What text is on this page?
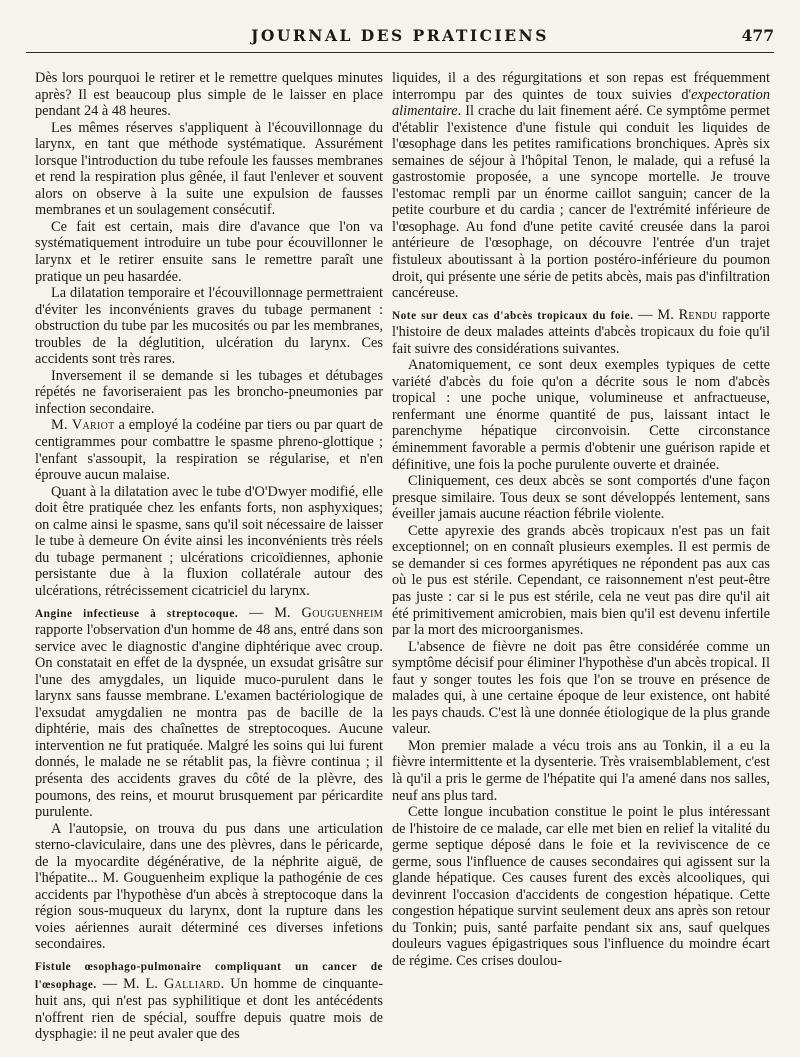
JOURNAL DES PRATICIENS	477

Dès lors pourquoi le retirer et le remettre quelques minutes après? Il est beaucoup plus simple de le laisser en place pendant 24 à 48 heures.

Les mêmes réserves s'appliquent à l'écouvillonnage du larynx, en tant que méthode systématique. Assurément lorsque l'introduction du tube refoule les fausses membranes et rend la respiration plus gênée, il faut l'enlever et souvent alors on observe à la suite une expulsion de fausses membranes et un soulagement consécutif.

Ce fait est certain, mais dire d'avance que l'on va systématiquement introduire un tube pour écouvillonner le larynx et le retirer ensuite sans le remettre paraît une pratique un peu hasardée.

La dilatation temporaire et l'écouvillonnage permettraient d'éviter les inconvénients graves du tubage permanent : obstruction du tube par les mucosités ou par les membranes, troubles de la déglutition, ulcération du larynx. Ces accidents sont très rares.

Inversement il se demande si les tubages et détubages répétés ne favoriseraient pas les broncho-pneumonies par infection secondaire.

M. Variot a employé la codéine par tiers ou par quart de centigrammes pour combattre le spasme phreno-glottique ; l'enfant s'assoupit, la respiration se régularise, et n'en éprouve aucun malaise.

Quant à la dilatation avec le tube d'O'Dwyer modifié, elle doit être pratiquée chez les enfants forts, non asphyxiques; on calme ainsi le spasme, sans qu'il soit nécessaire de laisser le tube à demeure On évite ainsi les inconvénients très réels du tubage permanent ; ulcérations cricoïdiennes, aphonie persistante due à la fluxion collatérale autour des ulcérations, rétrécissement cicatriciel du larynx.

Angine infectieuse à streptocoque. — M. Gouguenheim rapporte l'observation d'un homme de 48 ans, entré dans son service avec le diagnostic d'angine diphtérique avec croup. On constatait en effet de la dyspnée, un exsudat grisâtre sur l'une des amygdales, un liquide muco-purulent dans le larynx sans fausse membrane. L'examen bactériologique de l'exsudat amygdalien ne montra pas de bacille de la diphtérie, mais des chaînettes de streptocoques. Aucune intervention ne fut pratiquée. Malgré les soins qui lui furent donnés, le malade ne se rétablit pas, la fièvre continua ; il présenta des accidents graves du côté de la plèvre, des poumons, des reins, et mourut brusquement par péricardite purulente.

A l'autopsie, on trouva du pus dans une articulation sterno-claviculaire, dans une des plèvres, dans le péricarde, de la myocardite dégénérative, de la néphrite aiguë, de l'hépatite... M. Gouguenheim explique la pathogénie de ces accidents par l'hypothèse d'un abcès à streptocoque dans la région sous-muqueux du larynx, dont la rupture dans les voies aériennes aurait déterminé ces diverses infetions secondaires.

Fistule œsophago-pulmonaire compliquant un cancer de l'œsophage. — M. L. Galliard. Un homme de cinquante-huit ans, qui n'est pas syphilitique et dont les antécédents n'offrent rien de spécial, souffre depuis quatre mois de dysphagie: il ne peut avaler que des

liquides, il a des régurgitations et son repas est fréquemment interrompu par des quintes de toux suivies d'expectoration alimentaire. Il crache du lait finement aéré. Ce symptôme permet d'établir l'existence d'une fistule qui conduit les liquides de l'œsophage dans les petites ramifications bronchiques. Après six semaines de séjour à l'hôpital Tenon, le malade, qui a refusé la gastrostomie proposée, a une syncope mortelle. Je trouve l'estomac rempli par un énorme caillot sanguin; cancer de la petite courbure et du cardia ; cancer de l'extrémité inférieure de l'œsophage. Au fond d'une petite cavité creusée dans la paroi antérieure de l'œsophage, on découvre l'entrée d'un trajet fistuleux aboutissant à la portion postéro-inférieure du poumon droit, qui présente une série de petits abcès, mais pas d'infiltration cancéreuse.

Note sur deux cas d'abcès tropicaux du foie. — M. Rendu rapporte l'histoire de deux malades atteints d'abcès tropicaux du foie qu'il fait suivre des considérations suivantes.

Anatomiquement, ce sont deux exemples typiques de cette variété d'abcès du foie qu'on a décrite sous le nom d'abcès tropical : une poche unique, volumineuse et anfractueuse, renfermant une énorme quantité de pus, laissant intact le parenchyme hépatique circonvoisin. Cette circonstance éminemment favorable a permis d'obtenir une guérison rapide et définitive, une fois la poche purulente ouverte et drainée.

Cliniquement, ces deux abcès se sont comportés d'une façon presque similaire. Tous deux se sont développés lentement, sans éveiller jamais aucune réaction fébrile violente.

Cette apyrexie des grands abcès tropicaux n'est pas un fait exceptionnel; on en connaît plusieurs exemples. Il est permis de se demander si ces formes apyrétiques ne répondent pas aux cas où le pus est stérile. Cependant, ce raisonnement n'est peut-être pas juste : car si le pus est stérile, cela ne veut pas dire qu'il ait été primitivement amicrobien, mais bien qu'il est devenu infertile par la mort des microorganismes.

L'absence de fièvre ne doit pas être considérée comme un symptôme décisif pour éliminer l'hypothèse d'un abcès tropical. Il faut y songer toutes les fois que l'on se trouve en présence de malades qui, à une certaine époque de leur existence, ont habité les pays chauds. C'est là une donnée étiologique de la plus grande valeur.

Mon premier malade a vécu trois ans au Tonkin, il a eu la fièvre intermittente et la dysenterie. Très vraisemblablement, c'est là qu'il a pris le germe de l'hépatite qui l'a amené dans nos salles, neuf ans plus tard.

Cette longue incubation constitue le point le plus intéressant de l'histoire de ce malade, car elle met bien en relief la vitalité du germe septique déposé dans le foie et la reviviscence de ce germe, sous l'influence de causes secondaires qui agissent sur la glande hépatique. Ces causes furent des excès alcooliques, qui devinrent l'occasion d'accidents de congestion hépatique. Cette congestion hépatique survint seulement deux ans après son retour du Tonkin; puis, santé parfaite pendant six ans, sauf quelques douleurs vagues épigastriques sous l'influence du moindre écart de régime. Ces crises doulou-
